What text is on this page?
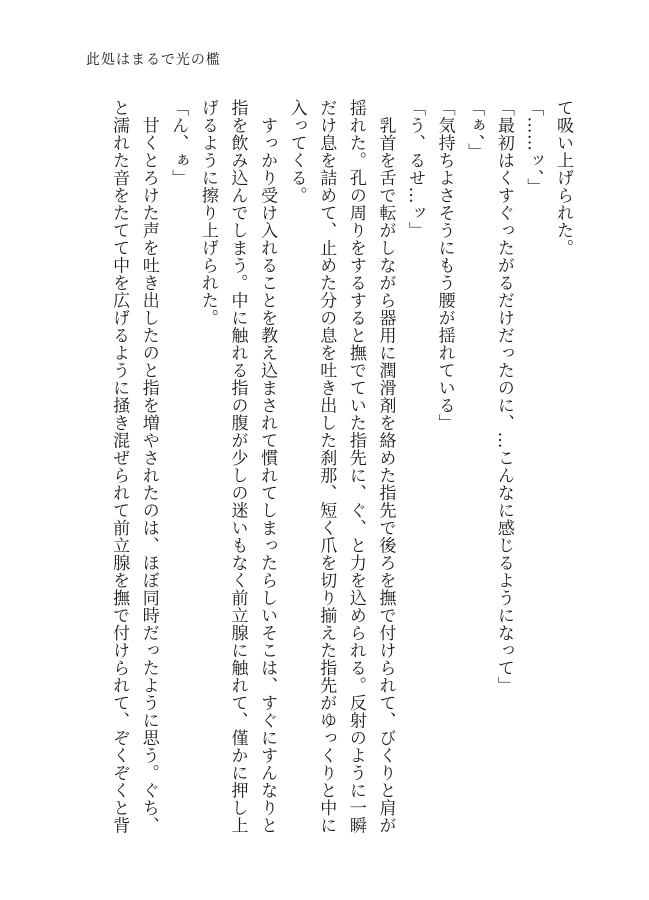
此処はまるで光の檻

て吸い上げられた。

「……ッ、」

「最初はくすぐったがるだけだったのに、…こんなに感じるようになって」

「ぁ、」

「気持ちよさそうにもう腰が揺れている」

「う、るせ…ッ」

　乳首を舌で転がしながら器用に潤滑剤を絡めた指先で後ろを撫で付けられて、びくりと肩が

揺れた。孔の周りをするすると撫でていた指先に、ぐ、と力を込められる。反射のように一瞬

だけ息を詰めて、止めた分の息を吐き出した刹那、短く爪を切り揃えた指先がゆっくりと中に

入ってくる。

　すっかり受け入れることを教え込まされて慣れてしまったらしいそこは、すぐにすんなりと

指を飲み込んでしまう。中に触れる指の腹が少しの迷いもなく前立腺に触れて、僅かに押し上

げるように擦り上げられた。

「ん、ぁ」

　甘くとろけた声を吐き出したのと指を増やされたのは、ほぼ同時だったように思う。ぐち、

と濡れた音をたてて中を広げるように掻き混ぜられて前立腺を撫で付けられて、ぞくぞくと背
